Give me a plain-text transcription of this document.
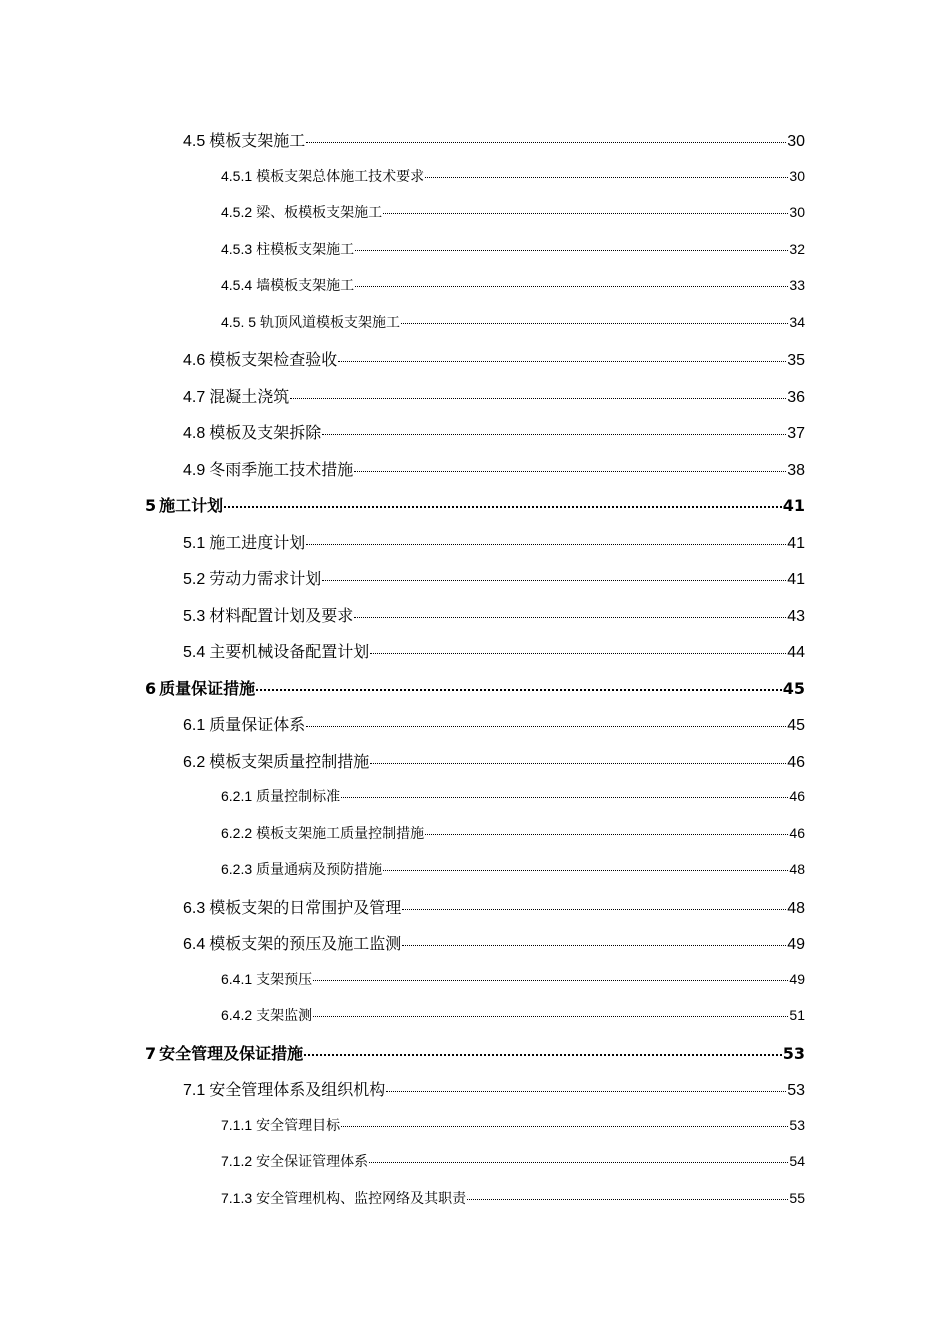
4.5 模板支架施工	30
4.5.1 模板支架总体施工技术要求	30
4.5.2 梁、板模板支架施工	30
4.5.3 柱模板支架施工	32
4.5.4 墙模板支架施工	33
4.5. 5 轨顶风道模板支架施工	34
4.6 模板支架检查验收	35
4.7 混凝土浇筑	36
4.8 模板及支架拆除	37
4.9 冬雨季施工技术措施	38
5 施工计划	41
5.1 施工进度计划	41
5.2 劳动力需求计划	41
5.3 材料配置计划及要求	43
5.4 主要机械设备配置计划	44
6 质量保证措施	45
6.1 质量保证体系	45
6.2 模板支架质量控制措施	46
6.2.1 质量控制标准	46
6.2.2 模板支架施工质量控制措施	46
6.2.3 质量通病及预防措施	48
6.3 模板支架的日常围护及管理	48
6.4 模板支架的预压及施工监测	49
6.4.1 支架预压	49
6.4.2 支架监测	51
7 安全管理及保证措施	53
7.1 安全管理体系及组织机构	53
7.1.1 安全管理目标	53
7.1.2 安全保证管理体系	54
7.1.3 安全管理机构、监控网络及其职责	55
